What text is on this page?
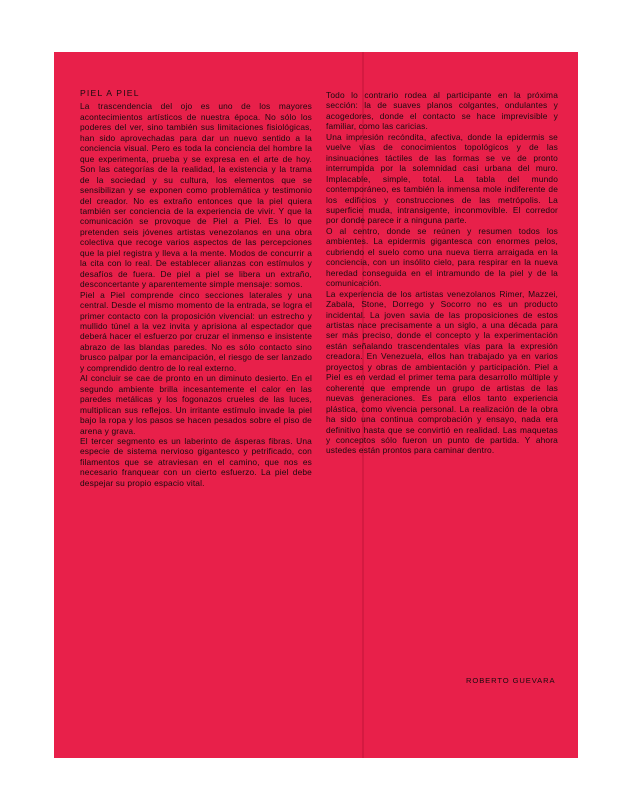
PIEL A PIEL

La trascendencia del ojo es uno de los mayores acontecimientos artísticos de nuestra época. No sólo los poderes del ver, sino también sus limitaciones fisiológicas, han sido aprovechadas para dar un nuevo sentido a la conciencia visual. Pero es toda la conciencia del hombre la que experimenta, prueba y se expresa en el arte de hoy. Son las categorías de la realidad, la existencia y la trama de la sociedad y su cultura, los elementos que se sensibilizan y se exponen como problemática y testimonio del creador. No es extraño entonces que la piel quiera también ser conciencia de la experiencia de vivir. Y que la comunicación se provoque de Piel a Piel. Es lo que pretenden seis jóvenes artistas venezolanos en una obra colectiva que recoge varios aspectos de las percepciones que la piel registra y lleva a la mente. Modos de concurrir a la cita con lo real. De establecer alianzas con estímulos y desafíos de fuera. De piel a piel se libera un extraño, desconcertante y aparentemente simple mensaje: somos.

Piel a Piel comprende cinco secciones laterales y una central. Desde el mismo momento de la entrada, se logra el primer contacto con la proposición vivencial: un estrecho y mullido túnel a la vez invita y aprisiona al espectador que deberá hacer el esfuerzo por cruzar el inmenso e insistente abrazo de las blandas paredes. No es sólo contacto sino brusco palpar por la emancipación, el riesgo de ser lanzado y comprendido dentro de lo real externo.

Al concluir se cae de pronto en un diminuto desierto. En el segundo ambiente brilla incesantemente el calor en las paredes metálicas y los fogonazos crueles de las luces, multiplican sus reflejos. Un irritante estímulo invade la piel bajo la ropa y los pasos se hacen pesados sobre el piso de arena y grava.

El tercer segmento es un laberinto de ásperas fibras. Una especie de sistema nervioso gigantesco y petrificado, con filamentos que se atraviesan en el camino, que nos es necesario franquear con un cierto esfuerzo. La piel debe despejar su propio espacio vital.

Todo lo contrario rodea al participante en la próxima sección: la de suaves planos colgantes, ondulantes y acogedores, donde el contacto se hace imprevisible y familiar, como las caricias.

Una impresión recóndita, afectiva, donde la epidermis se vuelve vías de conocimientos topológicos y de las insinuaciones táctiles de las formas se ve de pronto interrumpida por la solemnidad casi urbana del muro. Implacable, simple, total. La tabla del mundo contemporáneo, es también la inmensa mole indiferente de los edificios y construcciones de las metrópolis. La superficie muda, intransigente, inconmovible. El corredor por donde parece ir a ninguna parte.

O al centro, donde se reúnen y resumen todos los ambientes. La epidermis gigantesca con enormes pelos, cubriendo el suelo como una nueva tierra arraigada en la conciencia, con un insólito cielo, para respirar en la nueva heredad conseguida en el intramundo de la piel y de la comunicación.

La experiencia de los artistas venezolanos Rimer, Mazzei, Zabala, Stone, Dorrego y Socorro no es un producto incidental. La joven savia de las proposiciones de estos artistas nace precisamente a un siglo, a una década para ser más preciso, donde el concepto y la experimentación están señalando trascendentales vías para la expresión creadora. En Venezuela, ellos han trabajado ya en varios proyectos y obras de ambientación y participación. Piel a Piel es en verdad el primer tema para desarrollo múltiple y coherente que emprende un grupo de artistas de las nuevas generaciones. Es para ellos tanto experiencia plástica, como vivencia personal. La realización de la obra ha sido una continua comprobación y ensayo, nada era definitivo hasta que se convirtió en realidad. Las maquetas y conceptos sólo fueron un punto de partida. Y ahora ustedes están prontos para caminar dentro.

ROBERTO GUEVARA
